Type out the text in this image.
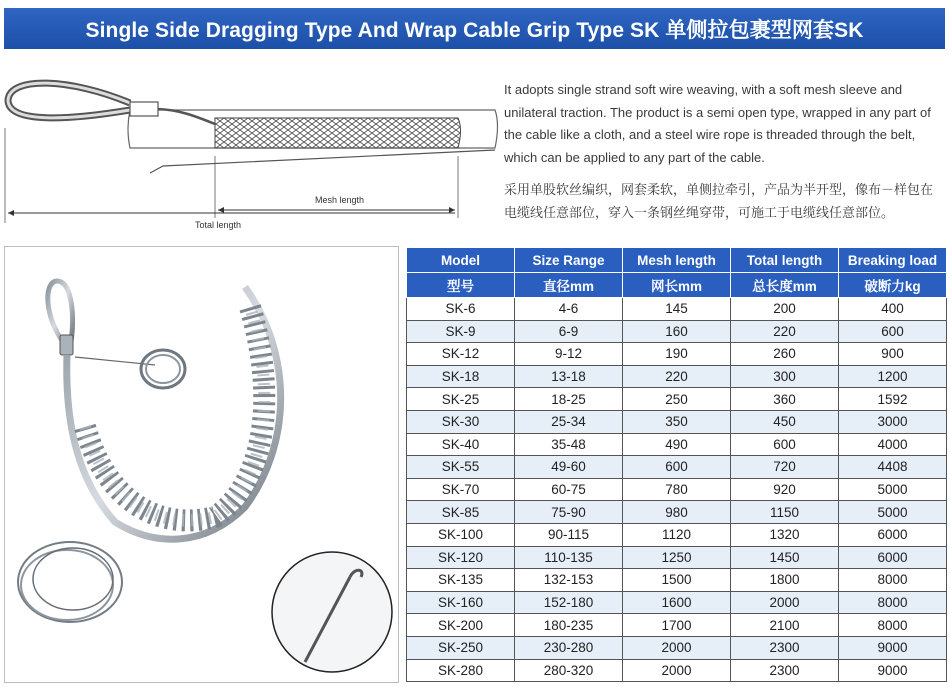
Single Side Dragging Type And Wrap Cable Grip Type SK 单侧拉包裹型网套SK
Mesh length
Total length

It adopts single strand soft wire weaving, with a soft mesh sleeve and unilateral traction. The product is a semi open type, wrapped in any part of the cable like a cloth, and a steel wire rope is threaded through the belt, which can be applied to any part of the cable.

采用单股软丝编织，网套柔软，单侧拉牵引，产品为半开型，像布－样包在电缆线任意部位，穿入一条钢丝绳穿带，可施工于电缆线任意部位。

Model	Size Range	Mesh length	Total length	Breaking load
型号	直径mm	网长mm	总长度mm	破断力kg
SK-6	4-6	145	200	400
SK-9	6-9	160	220	600
SK-12	9-12	190	260	900
SK-18	13-18	220	300	1200
SK-25	18-25	250	360	1592
SK-30	25-34	350	450	3000
SK-40	35-48	490	600	4000
SK-55	49-60	600	720	4408
SK-70	60-75	780	920	5000
SK-85	75-90	980	1150	5000
SK-100	90-115	1120	1320	6000
SK-120	110-135	1250	1450	6000
SK-135	132-153	1500	1800	8000
SK-160	152-180	1600	2000	8000
SK-200	180-235	1700	2100	8000
SK-250	230-280	2000	2300	9000
SK-280	280-320	2000	2300	9000
